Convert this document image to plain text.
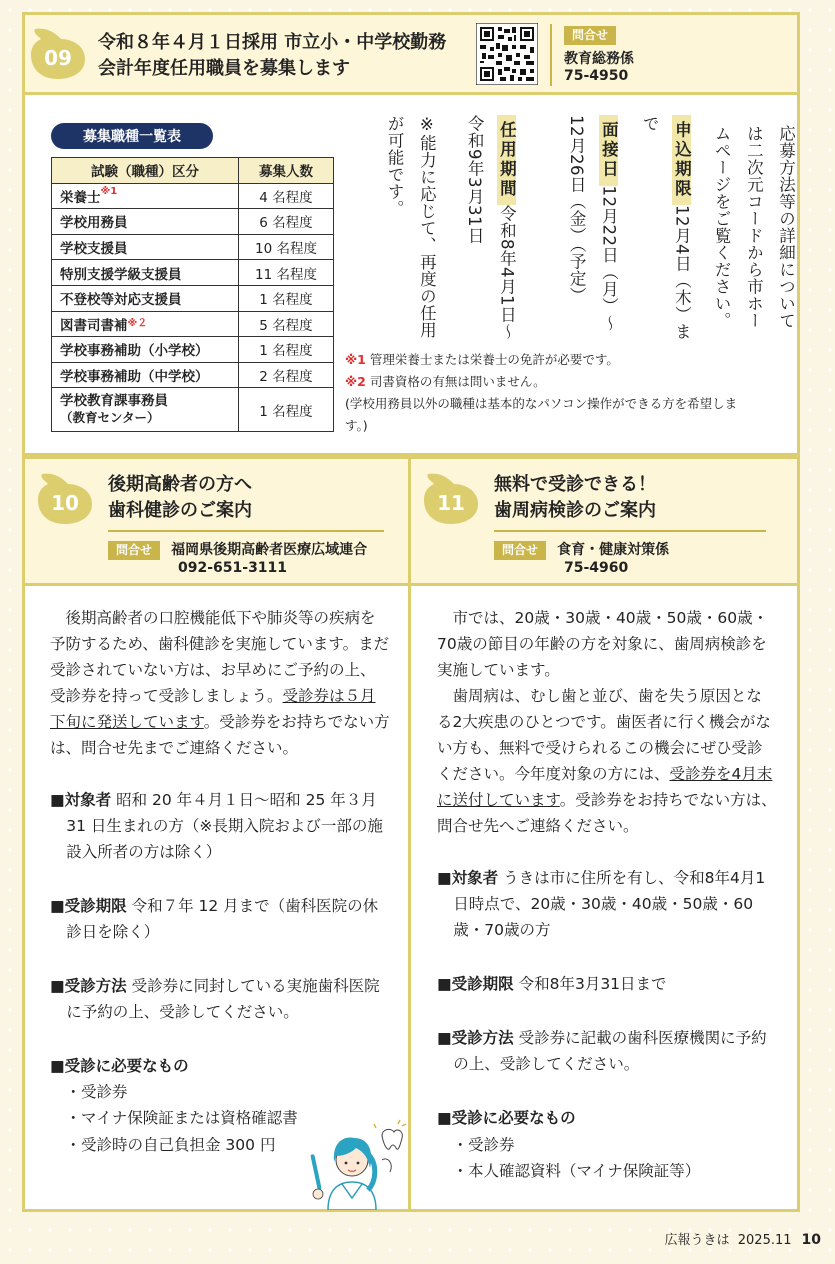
09
令和８年４月１日採用 市立小・中学校勤務
会計年度任用職員を募集します
問合せ
教育総務係
75-4950
募集職種一覧表
試験（職種）区分	募集人数
栄養士$^{※1}$	4 名程度
学校用務員	6 名程度
学校支援員	10 名程度
特別支援学級支援員	11 名程度
不登校等対応支援員	1 名程度
図書司書補$^{※2}$	5 名程度
学校事務補助（小学校）	1 名程度
学校事務補助（中学校）	2 名程度

学校教育課事務員
（教育センター）	1 名程度
応募方法等の詳細については二次元コードから市ホームページをご覧ください。
申込期限12月4日（木）まで
面接日12月22日（月）～12月26日（金）（予定）
任用期間令和8年4月1日～令和9年3月31日
※能力に応じて、再度の任用が可能です。
※1 管理栄養士または栄養士の免許が必要です。
※2 司書資格の有無は問いません。
(学校用務員以外の職種は基本的なパソコン操作ができる方を希望します。)
10
後期高齢者の方へ
歯科健診のご案内
問合せ 福岡県後期高齢者医療広域連合
092-651-3111

後期高齢者の口腔機能低下や肺炎等の疾病を予防するため、歯科健診を実施しています。まだ受診されていない方は、お早めにご予約の上、受診券を持って受診しましょう。受診券は５月下旬に発送しています。受診券をお持ちでない方は、問合せ先までご連絡ください。

■対象者 昭和 20 年４月１日～昭和 25 年３月 31 日生まれの方（※長期入院および一部の施設入所者の方は除く）
■受診期限 令和７年 12 月まで（歯科医院の休診日を除く）
■受診方法 受診券に同封している実施歯科医院に予約の上、受診してください。
■受診に必要なもの
・受診券
・マイナ保険証または資格確認書
・受診時の自己負担金 300 円
11
無料で受診できる！
歯周病検診のご案内
問合せ 食育・健康対策係
75-4960

市では、20歳・30歳・40歳・50歳・60歳・70歳の節目の年齢の方を対象に、歯周病検診を実施しています。

歯周病は、むし歯と並び、歯を失う原因となる2大疾患のひとつです。歯医者に行く機会がない方も、無料で受けられるこの機会にぜひ受診ください。今年度対象の方には、受診券を4月末に送付しています。受診券をお持ちでない方は、問合せ先へご連絡ください。

■対象者 うきは市に住所を有し、令和8年4月1日時点で、20歳・30歳・40歳・50歳・60歳・70歳の方
■受診期限 令和8年3月31日まで
■受診方法 受診券に記載の歯科医療機関に予約の上、受診してください。
■受診に必要なもの
・受診券
・本人確認資料（マイナ保険証等）
広報うきは 2025.11 10
